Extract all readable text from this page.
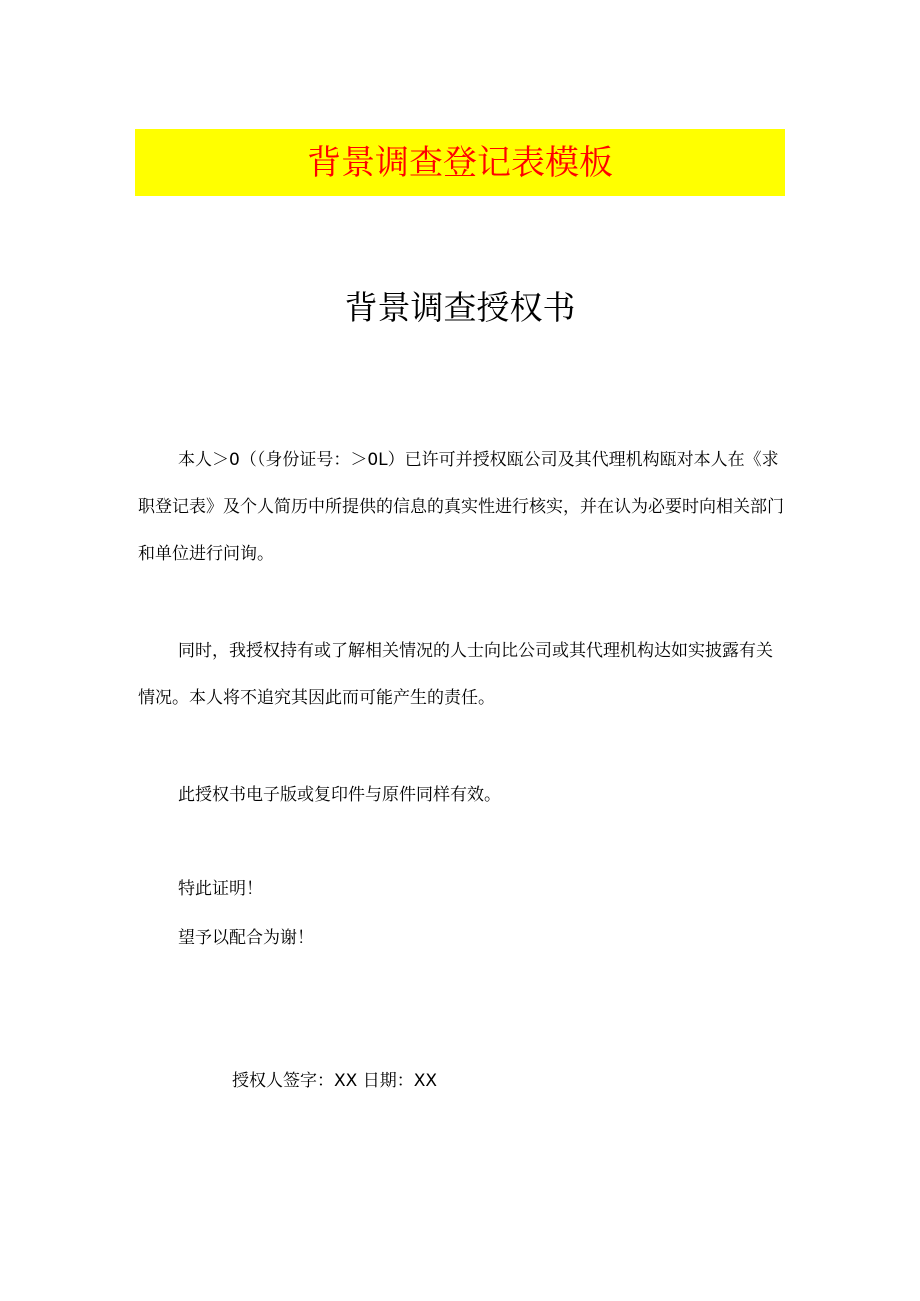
背景调查登记表模板
背景调查授权书

本人＞0（（身份证号：＞0L）已许可并授权瓯公司及其代理机构瓯对本人在《求职登记表》及个人简历中所提供的信息的真实性进行核实，并在认为必要时向相关部门和单位进行问询。

同时，我授权持有或了解相关情况的人士向比公司或其代理机构达如实披露有关情况。本人将不追究其因此而可能产生的责任。

此授权书电子版或复印件与原件同样有效。
特此证明！
望予以配合为谢！
授权人签字：XX 日期：XX
